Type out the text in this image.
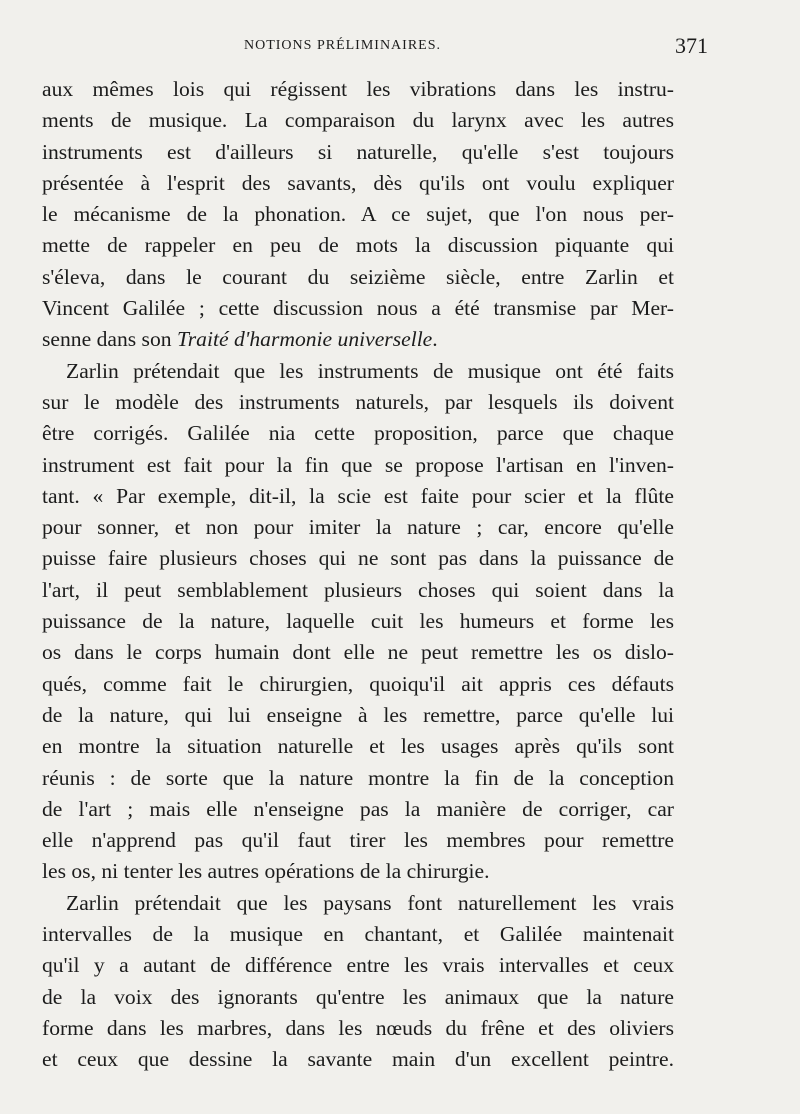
NOTIONS PRÉLIMINAIRES.	371
aux mêmes lois qui régissent les vibrations dans les instru-
ments de musique. La comparaison du larynx avec les autres
instruments est d'ailleurs si naturelle, qu'elle s'est toujours
présentée à l'esprit des savants, dès qu'ils ont voulu expliquer
le mécanisme de la phonation. A ce sujet, que l'on nous per-
mette de rappeler en peu de mots la discussion piquante qui
s'éleva, dans le courant du seizième siècle, entre Zarlin et
Vincent Galilée ; cette discussion nous a été transmise par Mer-
senne dans son Traité d'harmonie universelle.
Zarlin prétendait que les instruments de musique ont été faits
sur le modèle des instruments naturels, par lesquels ils doivent
être corrigés. Galilée nia cette proposition, parce que chaque
instrument est fait pour la fin que se propose l'artisan en l'inven-
tant. « Par exemple, dit-il, la scie est faite pour scier et la flûte
pour sonner, et non pour imiter la nature ; car, encore qu'elle
puisse faire plusieurs choses qui ne sont pas dans la puissance de
l'art, il peut semblablement plusieurs choses qui soient dans la
puissance de la nature, laquelle cuit les humeurs et forme les
os dans le corps humain dont elle ne peut remettre les os dislo-
qués, comme fait le chirurgien, quoiqu'il ait appris ces défauts
de la nature, qui lui enseigne à les remettre, parce qu'elle lui
en montre la situation naturelle et les usages après qu'ils sont
réunis : de sorte que la nature montre la fin de la conception
de l'art ; mais elle n'enseigne pas la manière de corriger, car
elle n'apprend pas qu'il faut tirer les membres pour remettre
les os, ni tenter les autres opérations de la chirurgie.
Zarlin prétendait que les paysans font naturellement les vrais
intervalles de la musique en chantant, et Galilée maintenait
qu'il y a autant de différence entre les vrais intervalles et ceux
de la voix des ignorants qu'entre les animaux que la nature
forme dans les marbres, dans les nœuds du frêne et des oliviers
et ceux que dessine la savante main d'un excellent peintre.
